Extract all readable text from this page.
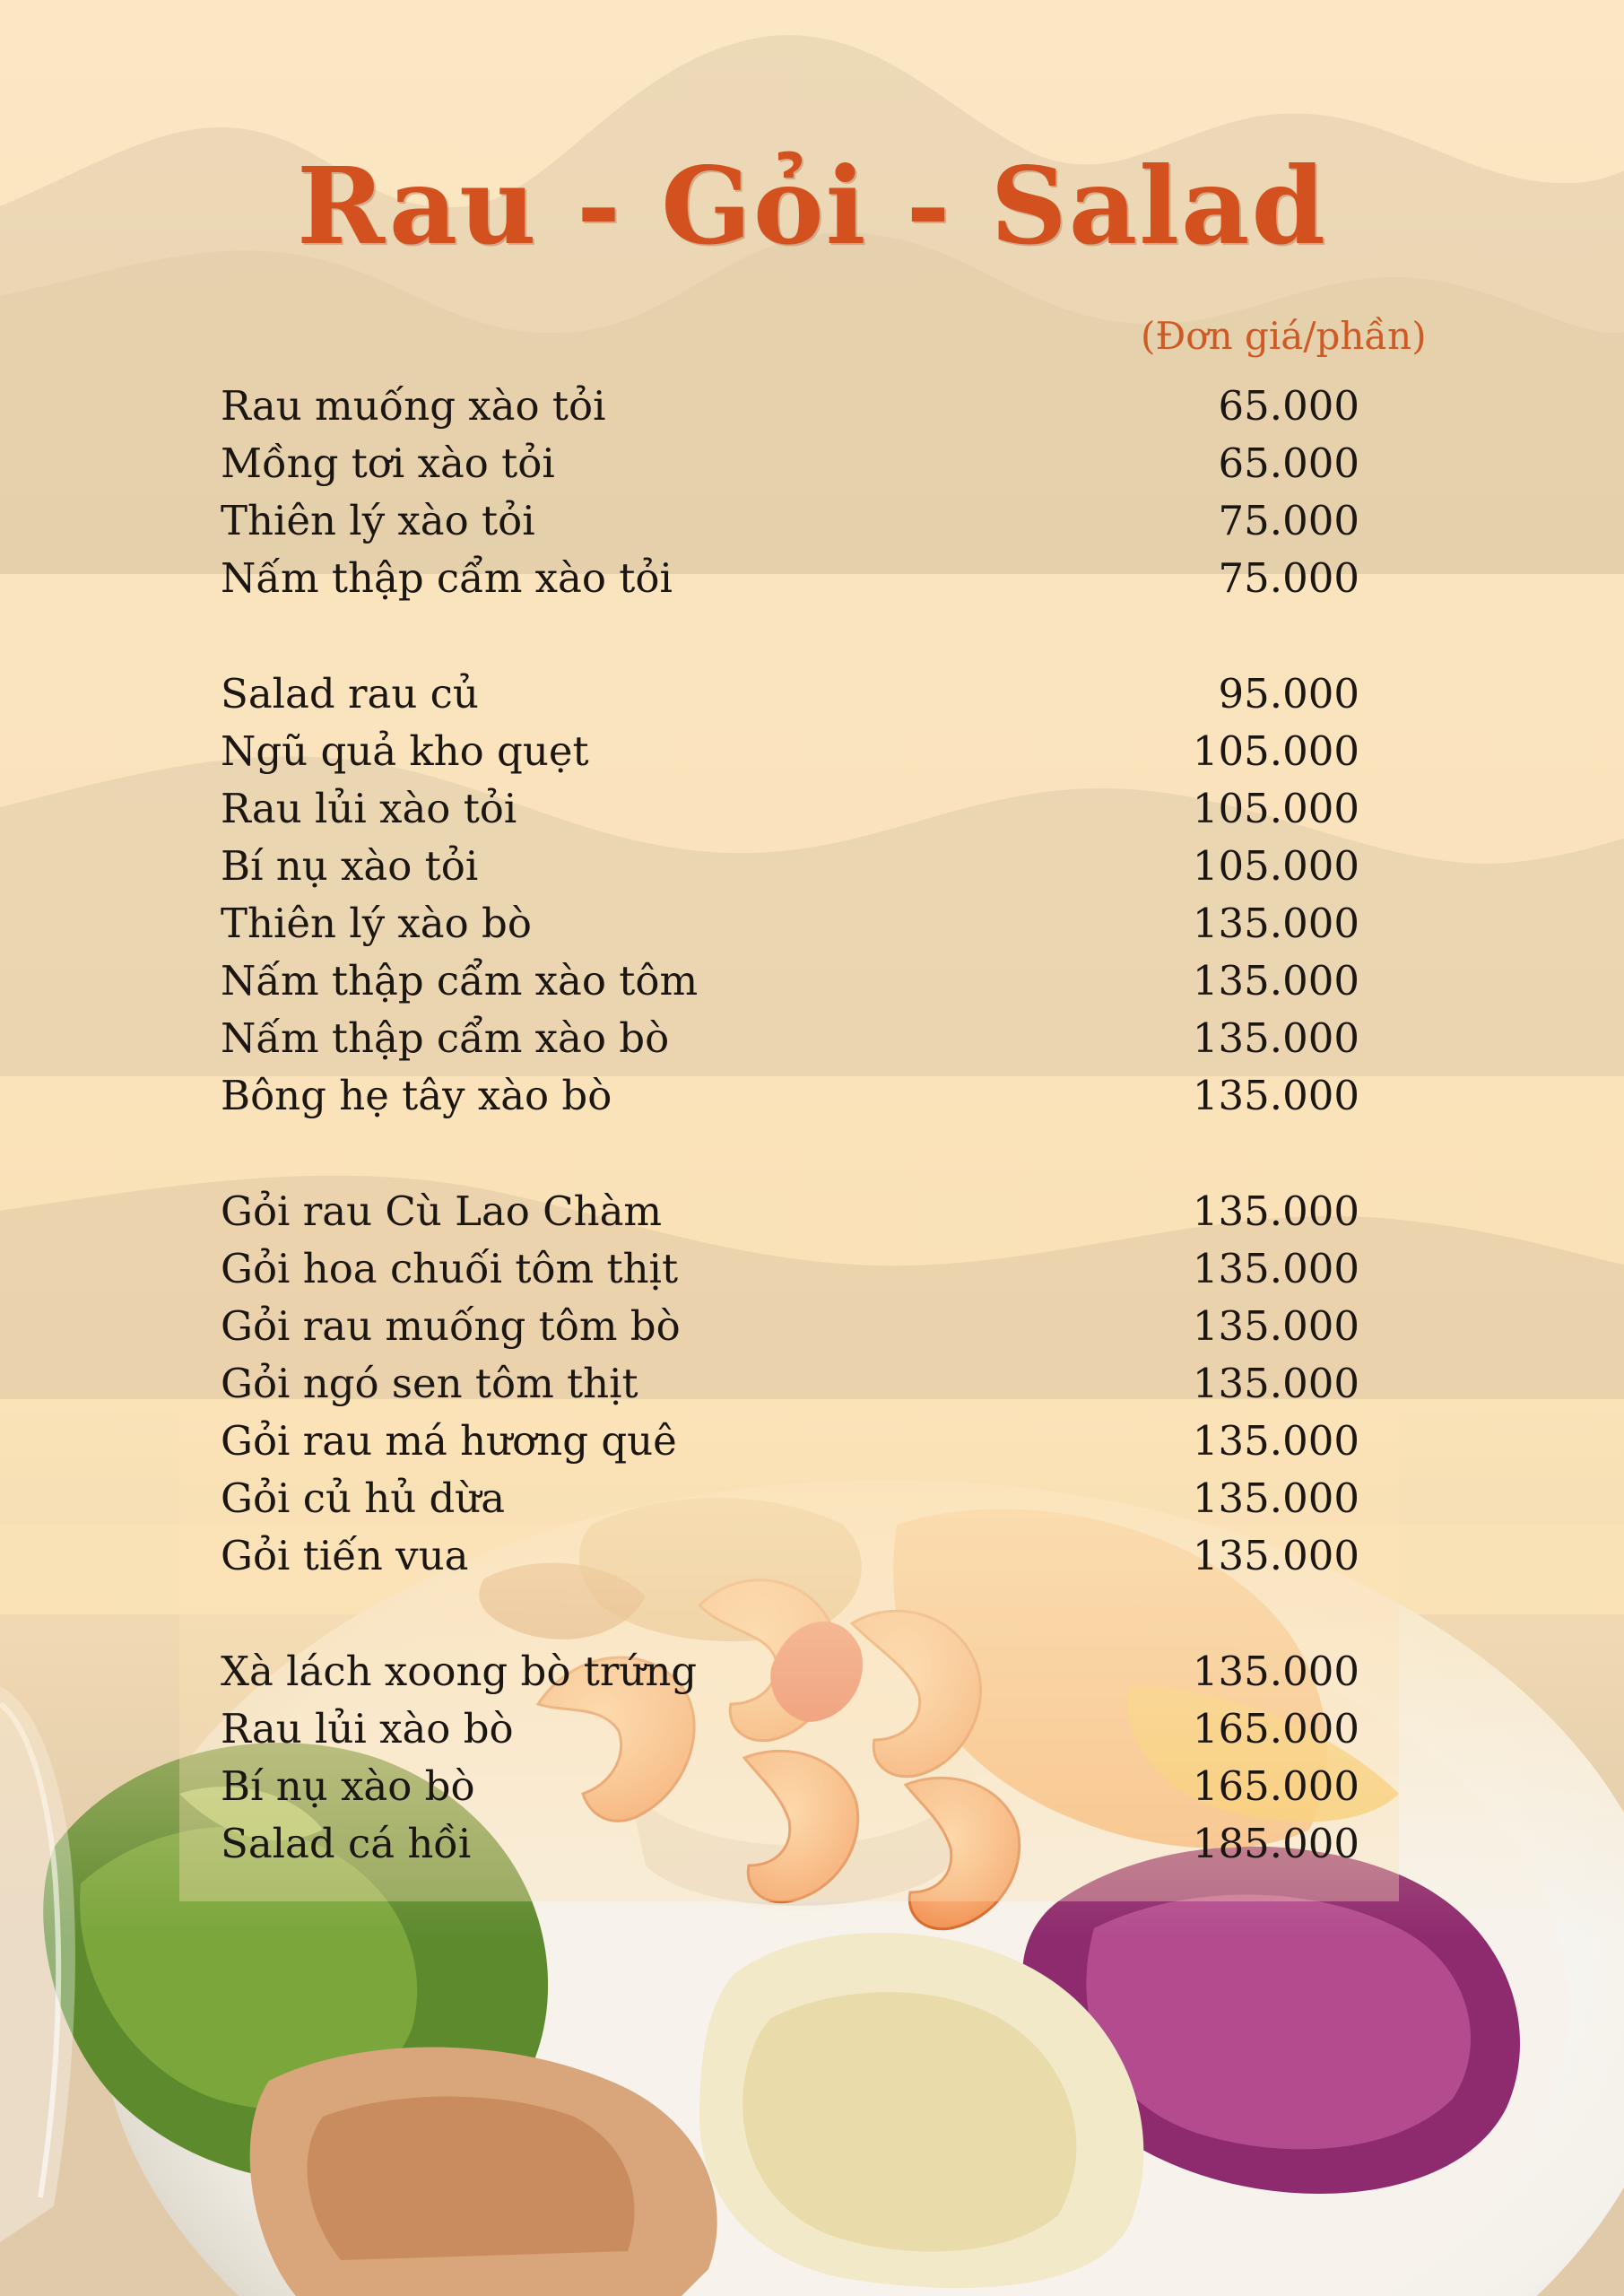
Rau - Gỏi - Salad
(Đơn giá/phần)
Rau muống xào tỏi	65.000
Mồng tơi xào tỏi	65.000
Thiên lý xào tỏi	75.000
Nấm thập cẩm xào tỏi	75.000
Salad rau củ	95.000
Ngũ quả kho quẹt	105.000
Rau lủi xào tỏi	105.000
Bí nụ xào tỏi	105.000
Thiên lý xào bò	135.000
Nấm thập cẩm xào tôm	135.000
Nấm thập cẩm xào bò	135.000
Bông hẹ tây xào bò	135.000
Gỏi rau Cù Lao Chàm	135.000
Gỏi hoa chuối tôm thịt	135.000
Gỏi rau muống tôm bò	135.000
Gỏi ngó sen tôm thịt	135.000
Gỏi rau má hương quê	135.000
Gỏi củ hủ dừa	135.000
Gỏi tiến vua	135.000
Xà lách xoong bò trứng	135.000
Rau lủi xào bò	165.000
Bí nụ xào bò	165.000
Salad cá hồi	185.000
